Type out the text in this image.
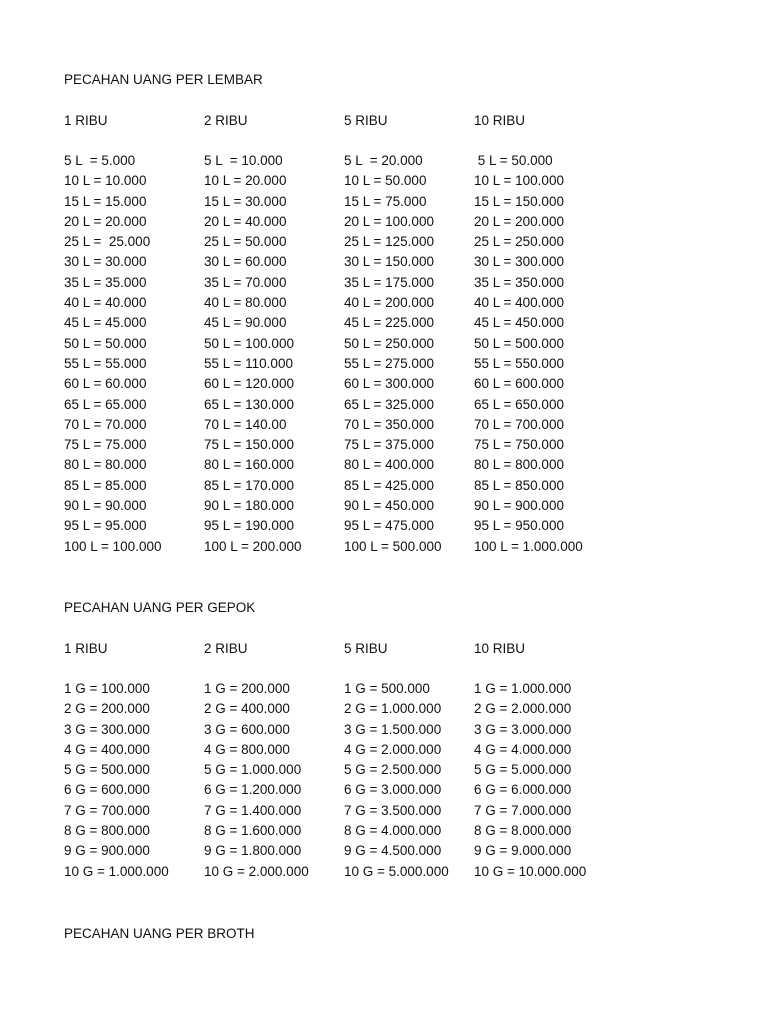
PECAHAN UANG PER LEMBAR
1 RIBU	2 RIBU	5 RIBU	10 RIBU
5 L  = 5.000	5 L  = 10.000	5 L  = 20.000	5 L = 50.000
10 L = 10.000	10 L = 20.000	10 L = 50.000	10 L = 100.000
15 L = 15.000	15 L = 30.000	15 L = 75.000	15 L = 150.000
20 L = 20.000	20 L = 40.000	20 L = 100.000	20 L = 200.000
25 L =  25.000	25 L = 50.000	25 L = 125.000	25 L = 250.000
30 L = 30.000	30 L = 60.000	30 L = 150.000	30 L = 300.000
35 L = 35.000	35 L = 70.000	35 L = 175.000	35 L = 350.000
40 L = 40.000	40 L = 80.000	40 L = 200.000	40 L = 400.000
45 L = 45.000	45 L = 90.000	45 L = 225.000	45 L = 450.000
50 L = 50.000	50 L = 100.000	50 L = 250.000	50 L = 500.000
55 L = 55.000	55 L = 110.000	55 L = 275.000	55 L = 550.000
60 L = 60.000	60 L = 120.000	60 L = 300.000	60 L = 600.000
65 L = 65.000	65 L = 130.000	65 L = 325.000	65 L = 650.000
70 L = 70.000	70 L = 140.00	70 L = 350.000	70 L = 700.000
75 L = 75.000	75 L = 150.000	75 L = 375.000	75 L = 750.000
80 L = 80.000	80 L = 160.000	80 L = 400.000	80 L = 800.000
85 L = 85.000	85 L = 170.000	85 L = 425.000	85 L = 850.000
90 L = 90.000	90 L = 180.000	90 L = 450.000	90 L = 900.000
95 L = 95.000	95 L = 190.000	95 L = 475.000	95 L = 950.000
100 L = 100.000	100 L = 200.000	100 L = 500.000	100 L = 1.000.000
PECAHAN UANG PER GEPOK
1 RIBU	2 RIBU	5 RIBU	10 RIBU
1 G = 100.000	1 G = 200.000	1 G = 500.000	1 G = 1.000.000
2 G = 200.000	2 G = 400.000	2 G = 1.000.000	2 G = 2.000.000
3 G = 300.000	3 G = 600.000	3 G = 1.500.000	3 G = 3.000.000
4 G = 400.000	4 G = 800.000	4 G = 2.000.000	4 G = 4.000.000
5 G = 500.000	5 G = 1.000.000	5 G = 2.500.000	5 G = 5.000.000
6 G = 600.000	6 G = 1.200.000	6 G = 3.000.000	6 G = 6.000.000
7 G = 700.000	7 G = 1.400.000	7 G = 3.500.000	7 G = 7.000.000
8 G = 800.000	8 G = 1.600.000	8 G = 4.000.000	8 G = 8.000.000
9 G = 900.000	9 G = 1.800.000	9 G = 4.500.000	9 G = 9.000.000
10 G = 1.000.000	10 G = 2.000.000	10 G = 5.000.000	10 G = 10.000.000
PECAHAN UANG PER BROTH
